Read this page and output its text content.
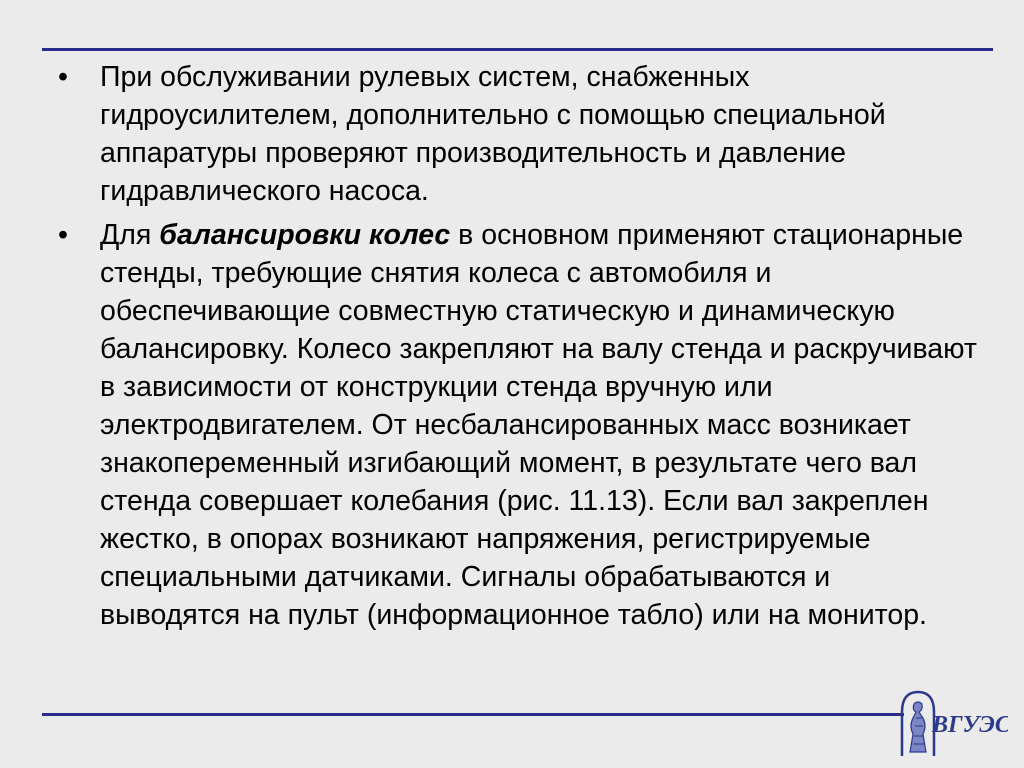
•	При обслуживании рулевых систем, снабженных гидроусилителем, дополнительно с помощью специальной аппаратуры проверяют производительность и давление гидравлического насоса.
•	Для балансировки колес в основном применяют стационарные стенды, требующие снятия колеса с автомобиля и обеспечивающие совместную статическую и динамическую балансировку. Колесо закрепляют на валу стенда и раскручивают в зависимости от конструкции стенда вручную или электродвигателем. От несбалансированных масс возникает знакопеременный изгибающий момент, в результате чего вал стенда совершает колебания (рис. 11.13). Если вал закреплен жестко, в опорах возникают напряжения, регистрируемые специальными датчиками. Сигналы обрабатываются и выводятся на пульт (информационное табло) или на монитор.
ВГУЭС
